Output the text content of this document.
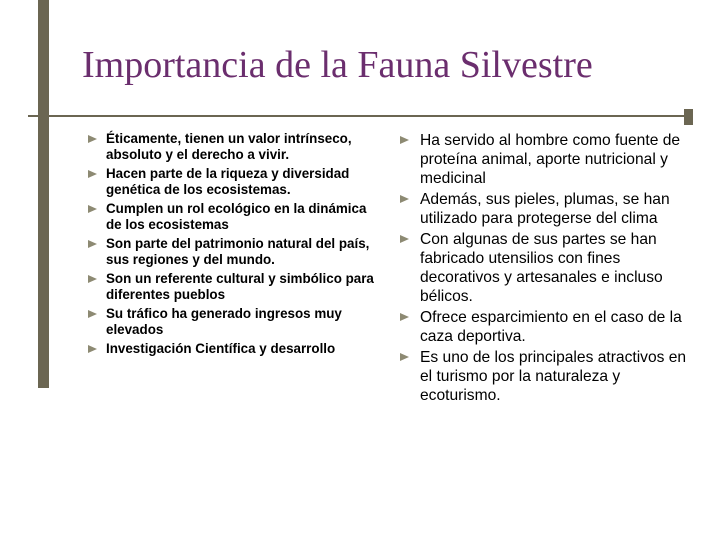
Importancia de la Fauna Silvestre
Éticamente, tienen un valor intrínseco, absoluto y el derecho a vivir.
Hacen parte de la riqueza y diversidad genética de los ecosistemas.
Cumplen un rol ecológico en la dinámica de los ecosistemas
Son parte del patrimonio natural del país, sus regiones y del mundo.
Son un referente cultural y simbólico para diferentes pueblos
Su tráfico ha generado ingresos muy elevados
Investigación Científica y desarrollo
Ha servido al hombre como fuente de proteína animal, aporte nutricional y medicinal
Además, sus pieles, plumas, se han utilizado para protegerse del clima
Con algunas de sus partes se han fabricado utensilios con fines decorativos y artesanales e incluso bélicos.
Ofrece esparcimiento en el caso de la caza deportiva.
Es uno de los principales atractivos en el turismo por la naturaleza y ecoturismo.
